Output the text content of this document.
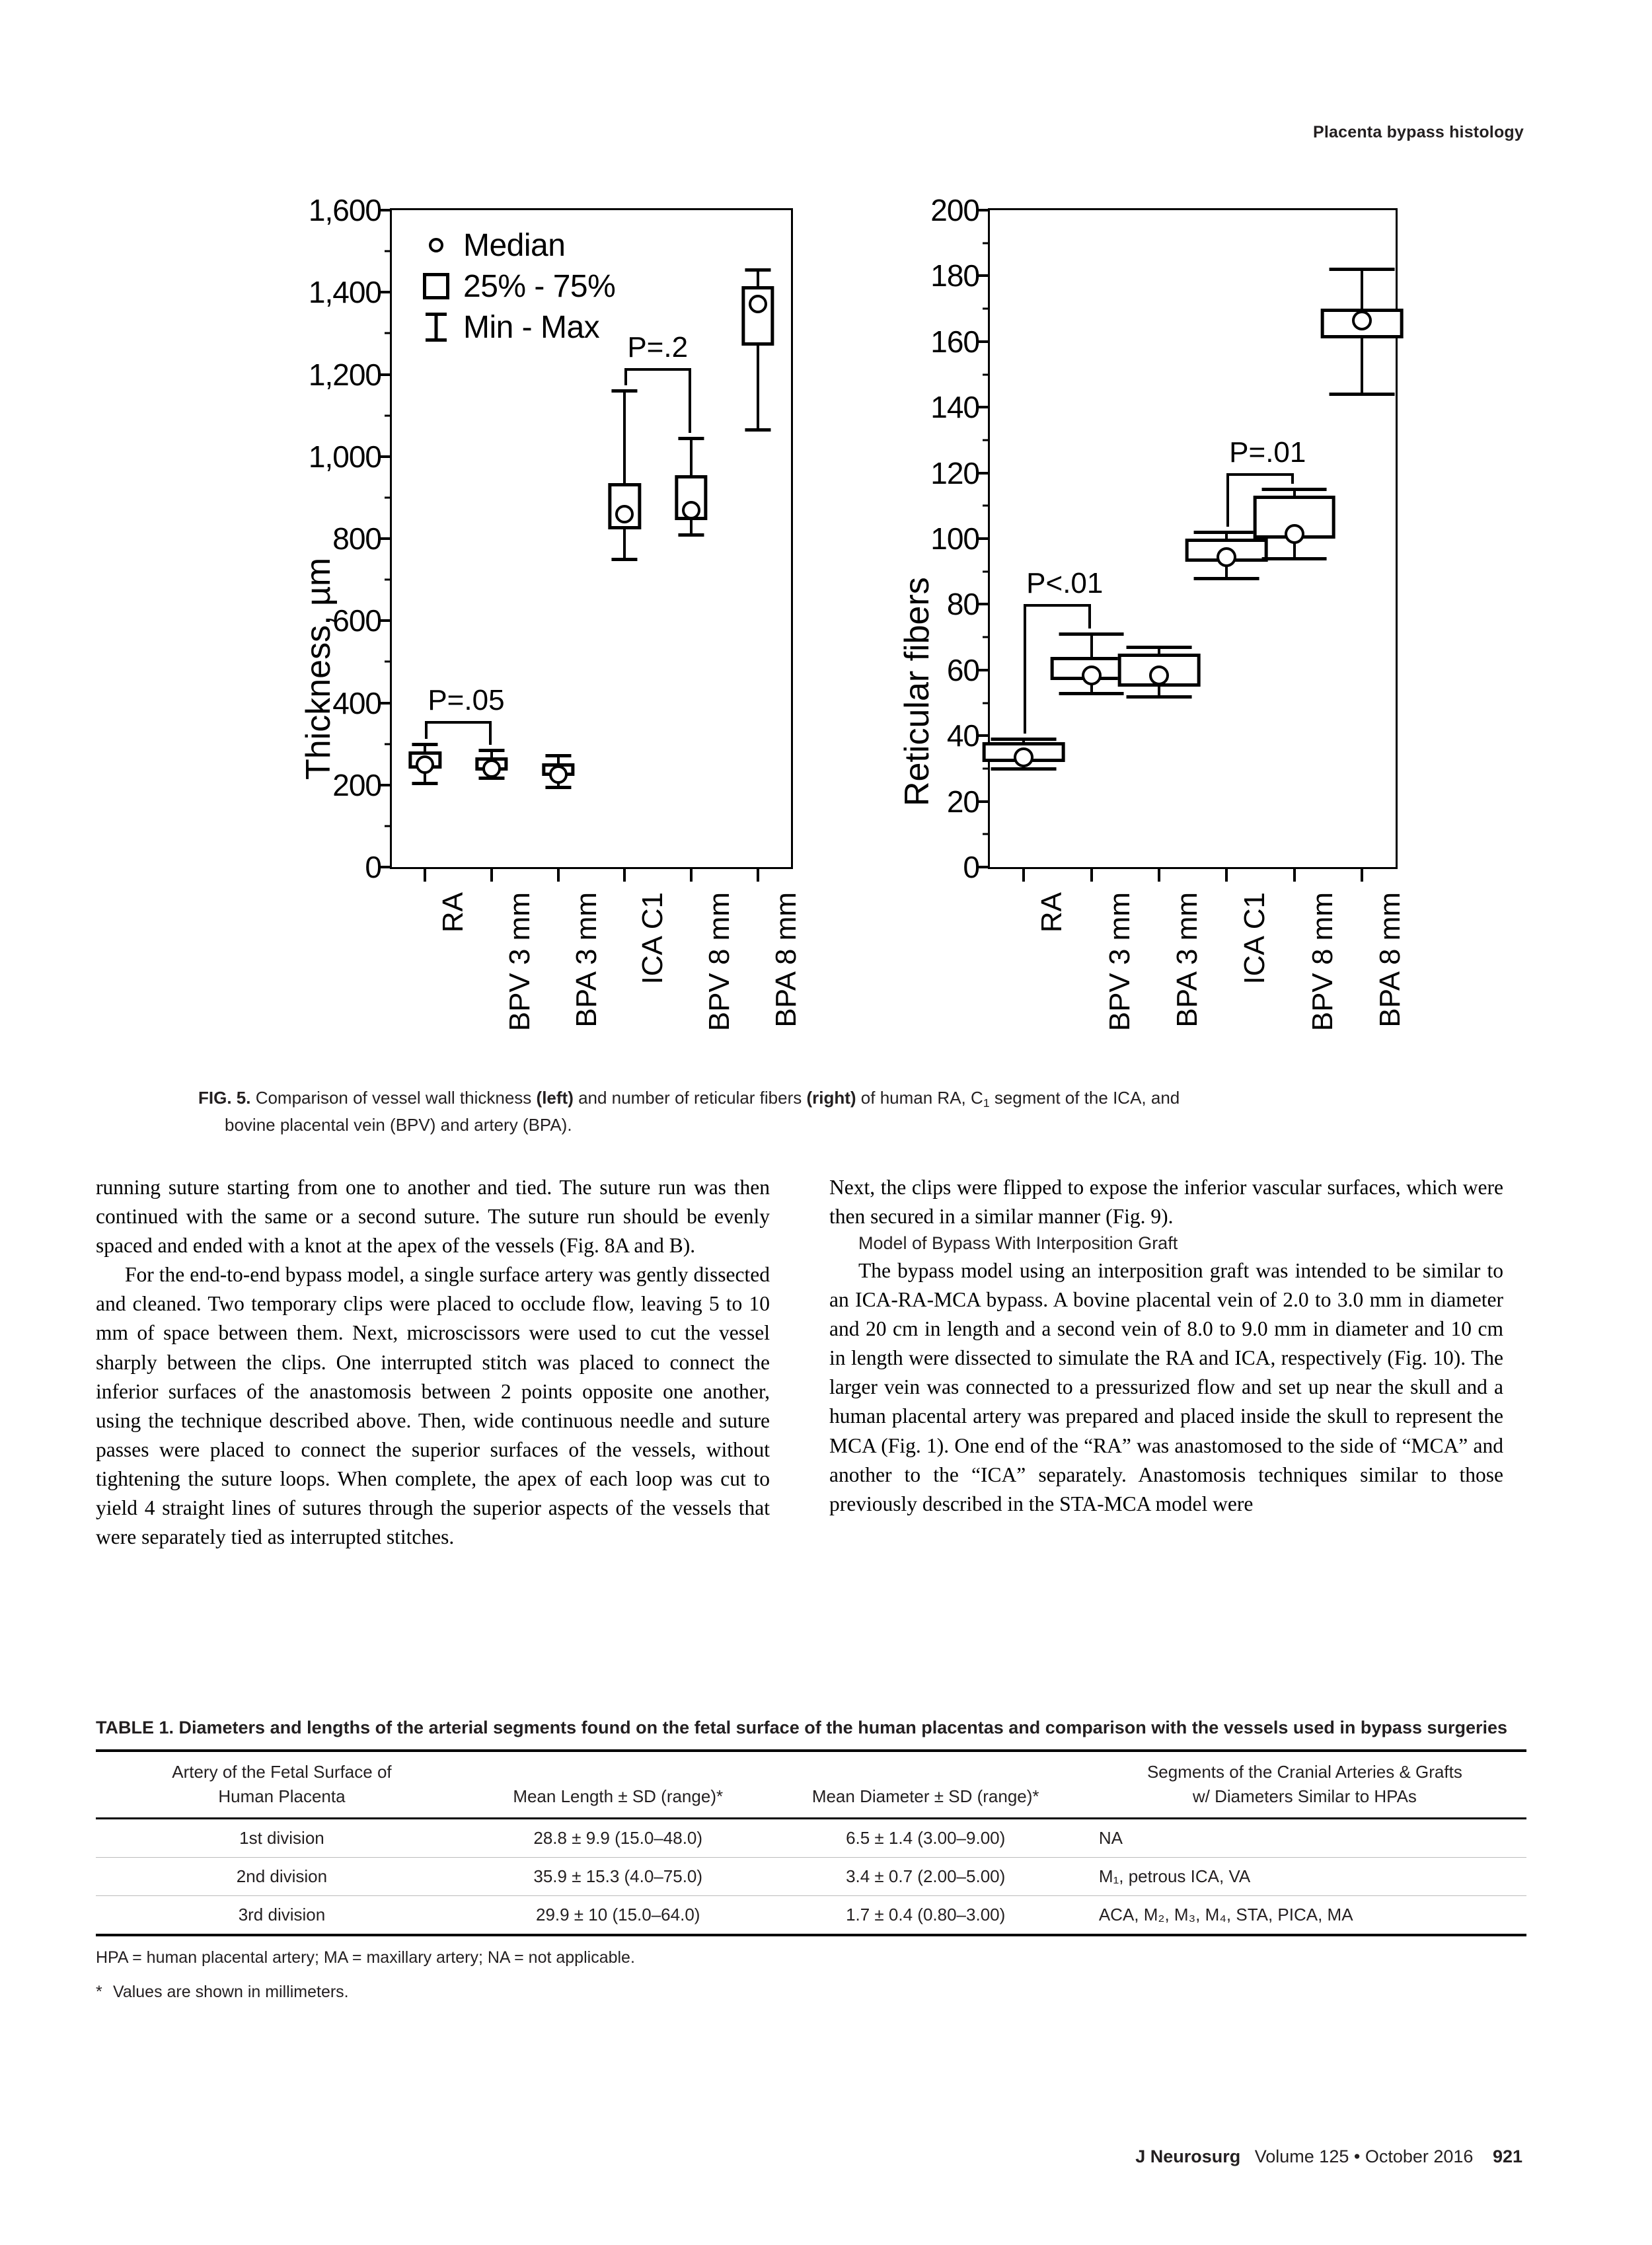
Placenta bypass histology
Thickness, µm
Median
25% - 75%
Min - Max
0
200
400
600
800
1,000
1,200
1,400
1,600
RA BPV 3 mm BPA 3 mm ICA C1 BPV 8 mm BPA 8 mm
P=.05
P=.2
Reticular fibers
0
20
40
60
80
100
120
140
160
180
200
RA BPV 3 mm BPA 3 mm ICA C1 BPV 8 mm BPA 8 mm
P<.01
P=.01
FIG. 5. Comparison of vessel wall thickness (left) and number of reticular fibers (right) of human RA, $C_1$ segment of the ICA, and
bovine placental vein (BPV) and artery (BPA).

running suture starting from one to another and tied. The suture run was then continued with the same or a second suture. The suture run should be evenly spaced and ended with a knot at the apex of the vessels (Fig. 8A and B).

For the end-to-end bypass model, a single surface artery was gently dissected and cleaned. Two temporary clips were placed to occlude flow, leaving 5 to 10 mm of space between them. Next, microscissors were used to cut the vessel sharply between the clips. One interrupted stitch was placed to connect the inferior surfaces of the anastomosis between 2 points opposite one another, using the technique described above. Then, wide continuous needle and suture passes were placed to connect the superior surfaces of the vessels, without tightening the suture loops. When complete, the apex of each loop was cut to yield 4 straight lines of sutures through the superior aspects of the vessels that were separately tied as interrupted stitches.

Next, the clips were flipped to expose the inferior vascular surfaces, which were then secured in a similar manner (Fig. 9).

Model of Bypass With Interposition Graft

The bypass model using an interposition graft was intended to be similar to an ICA-RA-MCA bypass. A bovine placental vein of 2.0 to 3.0 mm in diameter and 20 cm in length and a second vein of 8.0 to 9.0 mm in diameter and 10 cm in length were dissected to simulate the RA and ICA, respectively (Fig. 10). The larger vein was connected to a pressurized flow and set up near the skull and a human placental artery was prepared and placed inside the skull to represent the MCA (Fig. 1). One end of the “RA” was anastomosed to the side of “MCA” and another to the “ICA” separately. Anastomosis techniques similar to those previously described in the STA-MCA model were

TABLE 1. Diameters and lengths of the arterial segments found on the fetal surface of the human placentas and comparison with the vessels used in bypass surgeries
Artery of the Fetal Surface of
Human Placenta	Mean Length ± SD (range)*	Mean Diameter ± SD (range)*	Segments of the Cranial Arteries & Grafts
w/ Diameters Similar to HPAs
1st division	28.8 ± 9.9 (15.0–48.0)	6.5 ± 1.4 (3.00–9.00)	NA
2nd division	35.9 ± 15.3 (4.0–75.0)	3.4 ± 0.7 (2.00–5.00)	M₁, petrous ICA, VA
3rd division	29.9 ± 10 (15.0–64.0)	1.7 ± 0.4 (0.80–3.00)	ACA, M₂, M₃, M₄, STA, PICA, MA
HPA = human placental artery; MA = maxillary artery; NA = not applicable.
* Values are shown in millimeters.
J Neurosurg Volume 125 • October 2016 921
